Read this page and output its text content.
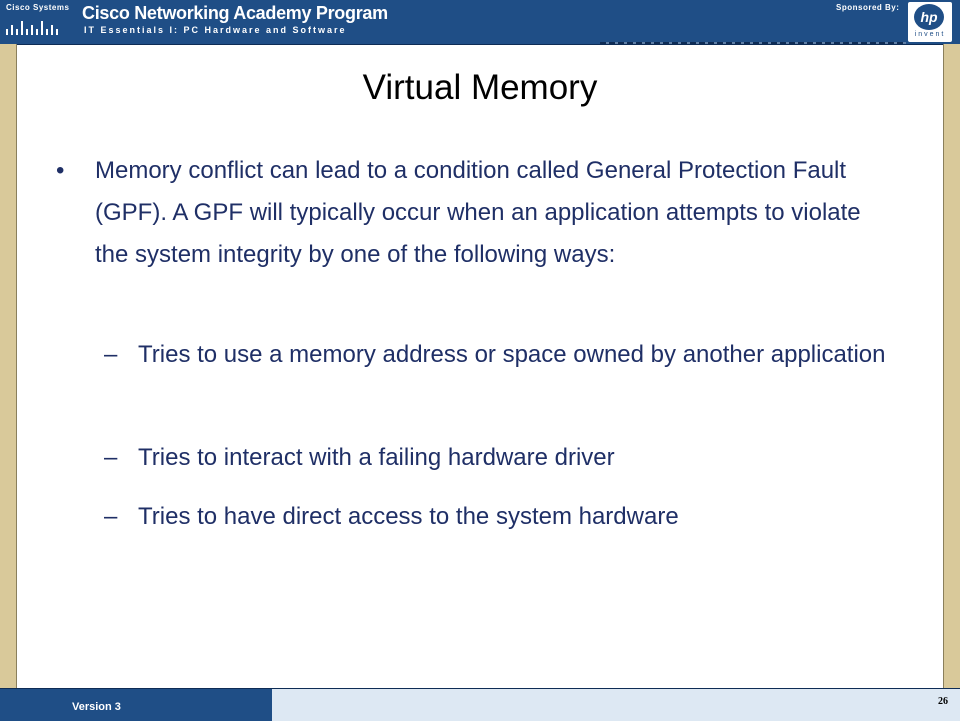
Cisco Systems Cisco Networking Academy Program
IT Essentials I: PC Hardware and Software
Sponsored By:
hp
invent
Virtual Memory
• Memory conflict can lead to a condition called General Protection Fault (GPF). A GPF will typically occur when an application attempts to violate the system integrity by one of the following ways:
– Tries to use a memory address or space owned by another application
– Tries to interact with a failing hardware driver
– Tries to have direct access to the system hardware
Version 3	26
